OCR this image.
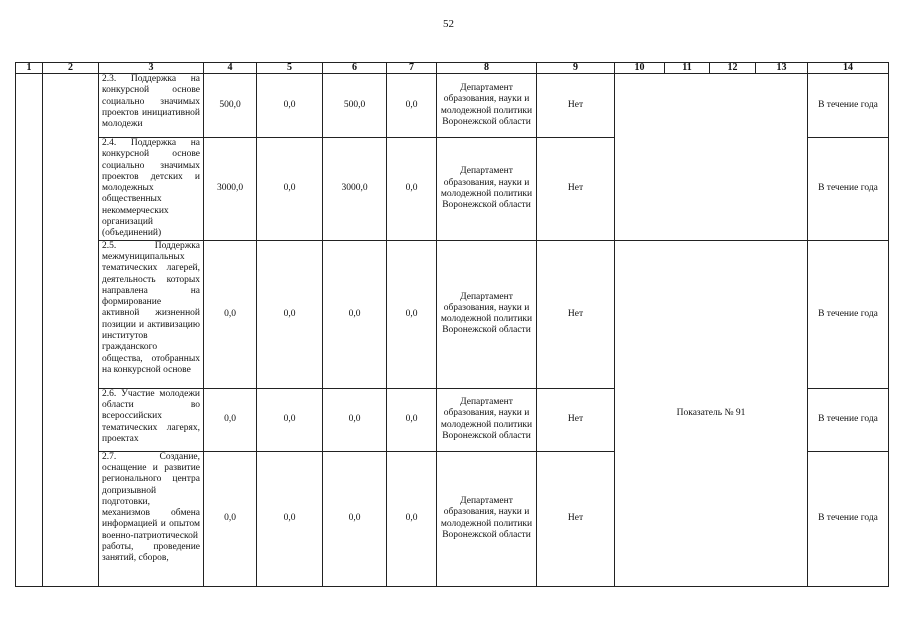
52
1	2	3	4	5	6	7	8	9	10	11	12	13	14
		2.3. Поддержка на конкурсной основе социально значимых проектов инициативной молодежи	500,0	0,0	500,0	0,0	Департамент образования, науки и молодежной политики Воронежской области	Нет					В течение года
		2.4. Поддержка на конкурсной основе социально значимых проектов детских и молодежных общественных некоммерческих организаций (объединений)	3000,0	0,0	3000,0	0,0	Департамент образования, науки и молодежной политики Воронежской области	Нет					В течение года
		2.5. Поддержка межмуниципальных тематических лагерей, деятельность которых направлена на формирование активной жизненной позиции и активизацию институтов гражданского общества, отобранных на конкурсной основе	0,0	0,0	0,0	0,0	Департамент образования, науки и молодежной политики Воронежской области	Нет	Показатель № 91				В течение года
		2.6. Участие молодежи области во всероссийских тематических лагерях, проектах	0,0	0,0	0,0	0,0	Департамент образования, науки и молодежной политики Воронежской области	Нет					В течение года
		2.7. Создание, оснащение и развитие регионального центра допризывной подготовки, механизмов обмена информацией и опытом военно-патриотической работы, проведение занятий, сборов,	0,0	0,0	0,0	0,0	Департамент образования, науки и молодежной политики Воронежской области	Нет					В течение года
